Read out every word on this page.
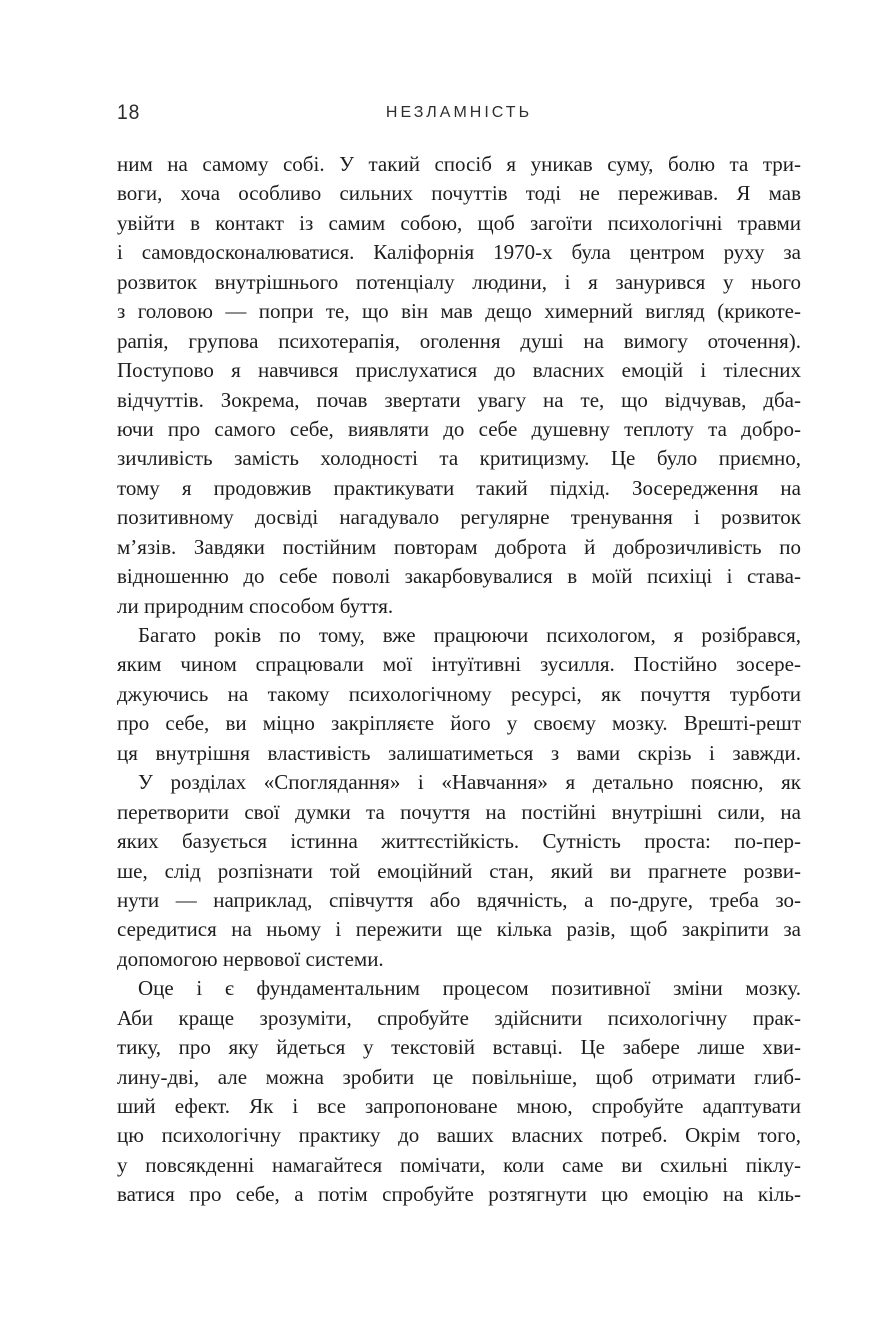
18	НЕЗЛАМНІСТЬ
ним на самому собі. У такий спосіб я уникав суму, болю та три-
воги, хоча особливо сильних почуттів тоді не переживав. Я мав
увійти в контакт із самим собою, щоб загоїти психологічні травми
і самовдосконалюватися. Каліфорнія 1970-х була центром руху за
розвиток внутрішнього потенціалу людини, і я занурився у нього
з головою — попри те, що він мав дещо химерний вигляд (крикоте-
рапія, групова психотерапія, оголення душі на вимогу оточення).
Поступово я навчився прислухатися до власних емоцій і тілесних
відчуттів. Зокрема, почав звертати увагу на те, що відчував, дба-
ючи про самого себе, виявляти до себе душевну теплоту та добро-
зичливість замість холодності та критицизму. Це було приємно,
тому я продовжив практикувати такий підхід. Зосередження на
позитивному досвіді нагадувало регулярне тренування і розвиток
м’язів. Завдяки постійним повторам доброта й доброзичливість по
відношенню до себе поволі закарбовувалися в моїй психіці і става-
ли природним способом буття.
Багато років по тому, вже працюючи психологом, я розібрався,
яким чином спрацювали мої інтуїтивні зусилля. Постійно зосере-
джуючись на такому психологічному ресурсі, як почуття турботи
про себе, ви міцно закріпляєте його у своєму мозку. Врешті-решт
ця внутрішня властивість залишатиметься з вами скрізь і завжди.
У розділах «Споглядання» і «Навчання» я детально поясню, як
перетворити свої думки та почуття на постійні внутрішні сили, на
яких базується істинна життєстійкість. Сутність проста: по-пер-
ше, слід розпізнати той емоційний стан, який ви прагнете розви-
нути — наприклад, співчуття або вдячність, а по-друге, треба зо-
середитися на ньому і пережити ще кілька разів, щоб закріпити за
допомогою нервової системи.
Оце і є фундаментальним процесом позитивної зміни мозку.
Аби краще зрозуміти, спробуйте здійснити психологічну прак-
тику, про яку йдеться у текстовій вставці. Це забере лише хви-
лину-дві, але можна зробити це повільніше, щоб отримати глиб-
ший ефект. Як і все запропоноване мною, спробуйте адаптувати
цю психологічну практику до ваших власних потреб. Окрім того,
у повсякденні намагайтеся помічати, коли саме ви схильні піклу-
ватися про себе, а потім спробуйте розтягнути цю емоцію на кіль-
